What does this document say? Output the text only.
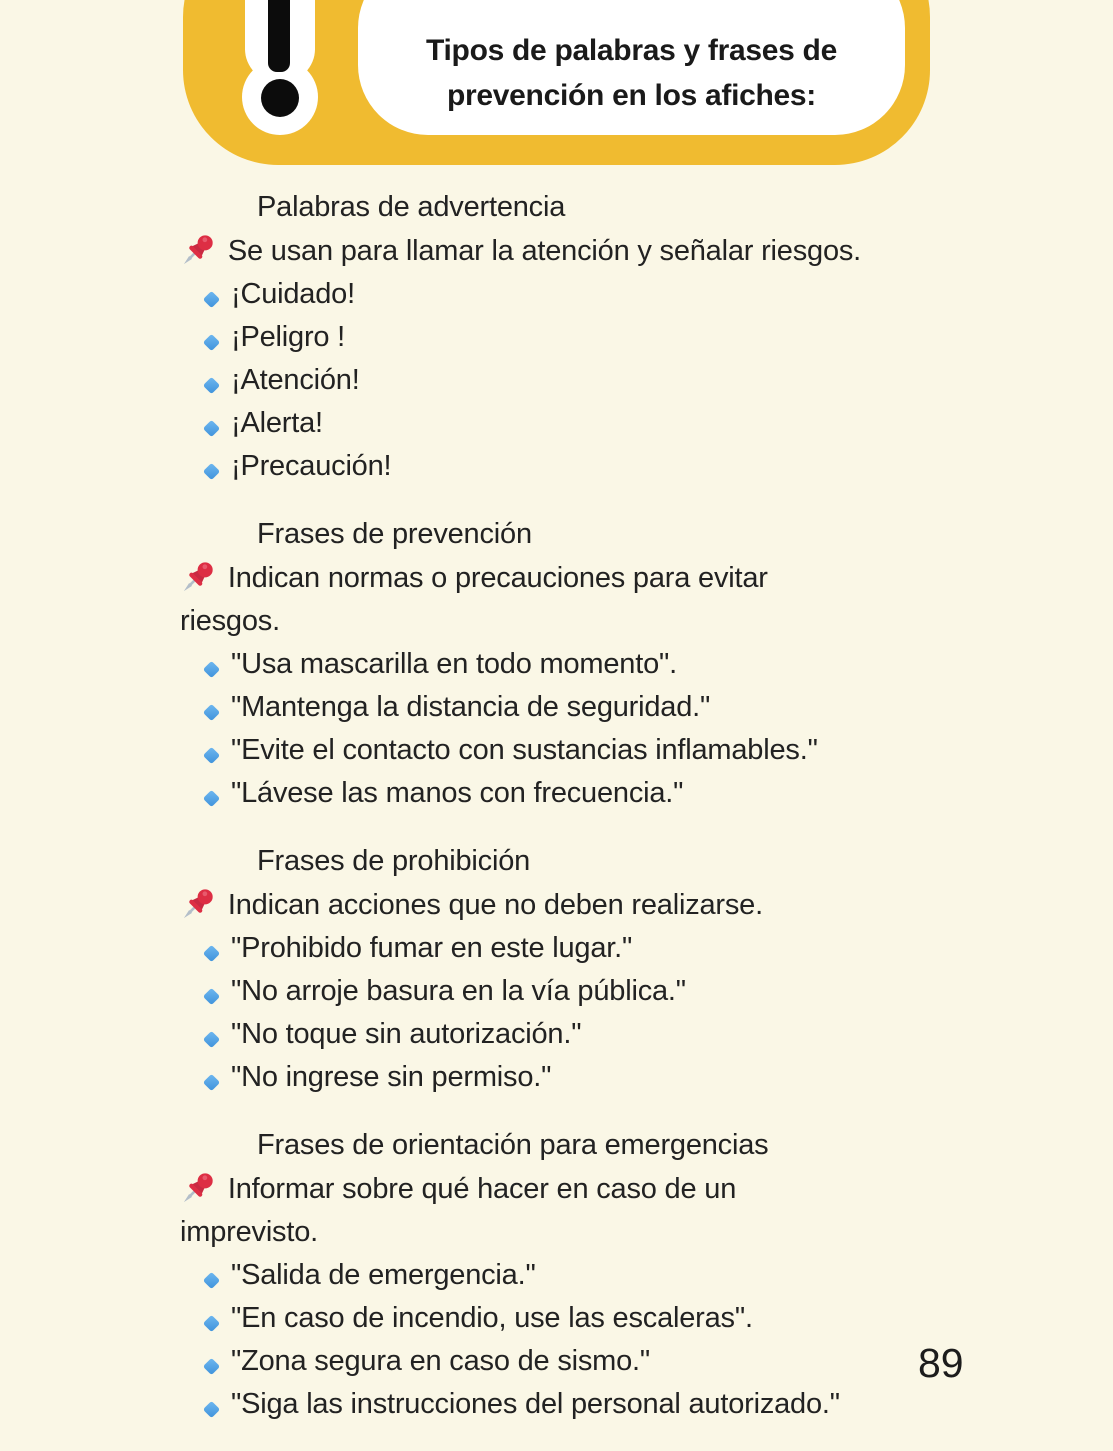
Tipos de palabras y frases de
prevención en los afiches:
Palabras de advertencia

Se usan para llamar la atención y señalar riesgos.

¡Cuidado!
¡Peligro !
¡Atención!
¡Alerta!
¡Precaución!
Frases de prevención

Indican normas o precauciones para evitar
riesgos.

"Usa mascarilla en todo momento".
"Mantenga la distancia de seguridad."
"Evite el contacto con sustancias inflamables."
"Lávese las manos con frecuencia."
Frases de prohibición

Indican acciones que no deben realizarse.

"Prohibido fumar en este lugar."
"No arroje basura en la vía pública."
"No toque sin autorización."
"No ingrese sin permiso."
Frases de orientación para emergencias

Informar sobre qué hacer en caso de un
imprevisto.

"Salida de emergencia."
"En caso de incendio, use las escaleras".
"Zona segura en caso de sismo."
"Siga las instrucciones del personal autorizado."
89
